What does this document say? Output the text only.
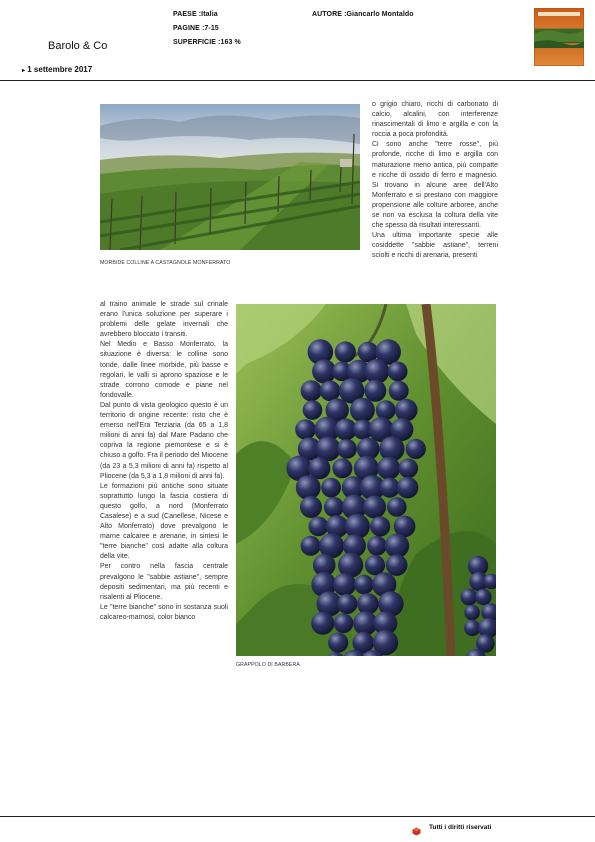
PAESE :Italia
PAGINE :7-15
SUPERFICIE :163 %
AUTORE :Giancarlo Montaldo
Barolo & Co
▸ 1 settembre 2017
MORBIDE COLLINE A CASTAGNOLE MONFERRATO

o grigio chiaro, ricchi di carbonato di calcio, alcalini, con interferenze rinascimentali di limo e argilla e con la roccia a poca profondità.

Ci sono anche "terre rosse", più profonde, ricche di limo e argilla con maturazione meno antica, più compatte e ricche di ossido di ferro e magnesio. Si trovano in alcune aree dell'Alto Monferrato e si prestano con maggiore propensione alle colture arboree, anche se non va esclusa la coltura della vite che spesso dà risultati interessanti.

Una ultima importante specie alle cosiddette "sabbie astiane", terreni sciolti e ricchi di arenaria, presenti

al traino animale le strade sul crinale erano l'unica soluzione per superare i problemi delle gelate invernali che avrebbero bloccato i transiti.

Nel Medio e Basso Monferrato, la situazione è diversa: le colline sono tonde, dalle linee morbide, più basse e regolari, le valli si aprono spaziose e le strade corrono comode e piane nel fondovalle.

Dal punto di vista geologico questo è un territorio di origine recente: risto che è emerso nell'Era Terziaria (da 65 a 1,8 milioni di anni fa) dal Mare Padano che copriva la regione piemontese e si è chiuso a golfo. Fra il periodo del Miocene (da 23 a 5,3 milioni di anni fa) rispetto al Pliocene (da 5,3 a 1,8 milioni di anni fa).

Le formazioni più antiche sono situate soprattutto lungo la fascia costiera di questo golfo, a nord (Monferrato Casalese) e a sud (Canellese, Nicese e Alto Monferrato) dove prevalgono le marne calcaree e arenarie, in sintesi le "terre bianche" così adatte alla coltura della vite.

Per contro nella fascia centrale prevalgono le "sabbie astiane", sempre depositi sedimentari, ma più recenti e risalenti al Pliocene.

Le "terre bianche" sono in sostanza suoli calcareo-marnosi, color bianco

GRAPPOLO DI BARBERA
Tutti i diritti riservati
